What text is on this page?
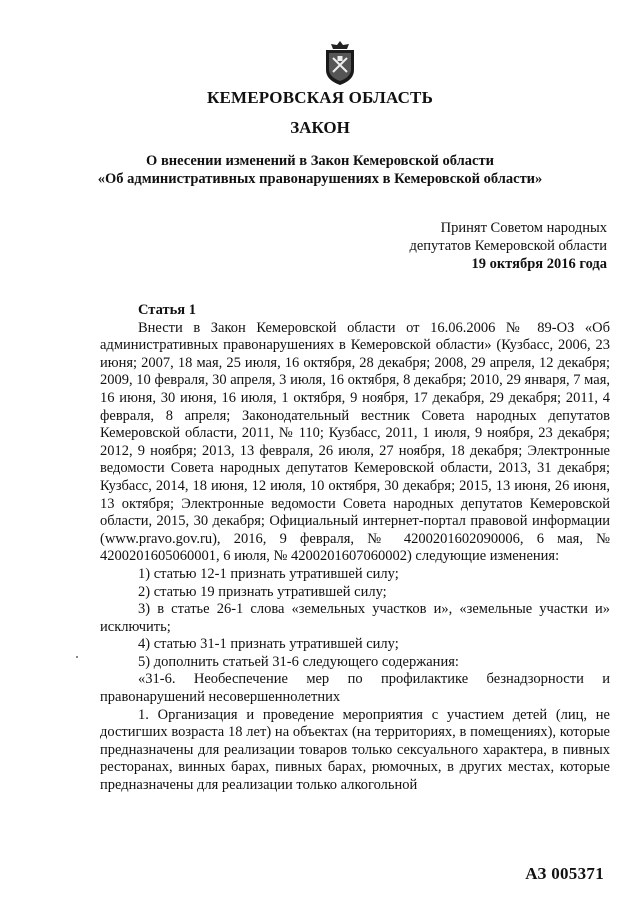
КЕМЕРОВСКАЯ ОБЛАСТЬ
ЗАКОН
О внесении изменений в Закон Кемеровской области
«Об административных правонарушениях в Кемеровской области»
Принят Советом народных
депутатов Кемеровской области
19 октября 2016 года
Статья 1

Внести в Закон Кемеровской области от 16.06.2006 № 89-ОЗ «Об административных правонарушениях в Кемеровской области» (Кузбасс, 2006, 23 июня; 2007, 18 мая, 25 июля, 16 октября, 28 декабря; 2008, 29 апреля, 12 декабря; 2009, 10 февраля, 30 апреля, 3 июля, 16 октября, 8 декабря; 2010, 29 января, 7 мая, 16 июня, 30 июня, 16 июля, 1 октября, 9 ноября, 17 декабря, 29 декабря; 2011, 4 февраля, 8 апреля; Законодательный вестник Совета народных депутатов Кемеровской области, 2011, № 110; Кузбасс, 2011, 1 июля, 9 ноября, 23 декабря; 2012, 9 ноября; 2013, 13 февраля, 26 июля, 27 ноября, 18 декабря; Электронные ведомости Совета народных депутатов Кемеровской области, 2013, 31 декабря; Кузбасс, 2014, 18 июня, 12 июля, 10 октября, 30 декабря; 2015, 13 июня, 26 июня, 13 октября; Электронные ведомости Совета народных депутатов Кемеровской области, 2015, 30 декабря; Официальный интернет-портал правовой информации (www.pravo.gov.ru), 2016, 9 февраля, № 4200201602090006, 6 мая, № 4200201605060001, 6 июля, № 4200201607060002) следующие изменения:

1) статью 12-1 признать утратившей силу;

2) статью 19 признать утратившей силу;

3) в статье 26-1 слова «земельных участков и», «земельные участки и» исключить;

4) статью 31-1 признать утратившей силу;

5) дополнить статьей 31-6 следующего содержания:

«31-6. Необеспечение мер по профилактике безнадзорности и правонарушений несовершеннолетних

1. Организация и проведение мероприятия с участием детей (лиц, не достигших возраста 18 лет) на объектах (на территориях, в помещениях), которые предназначены для реализации товаров только сексуального характера, в пивных ресторанах, винных барах, пивных барах, рюмочных, в других местах, которые предназначены для реализации только алкогольной

АЗ 005371
